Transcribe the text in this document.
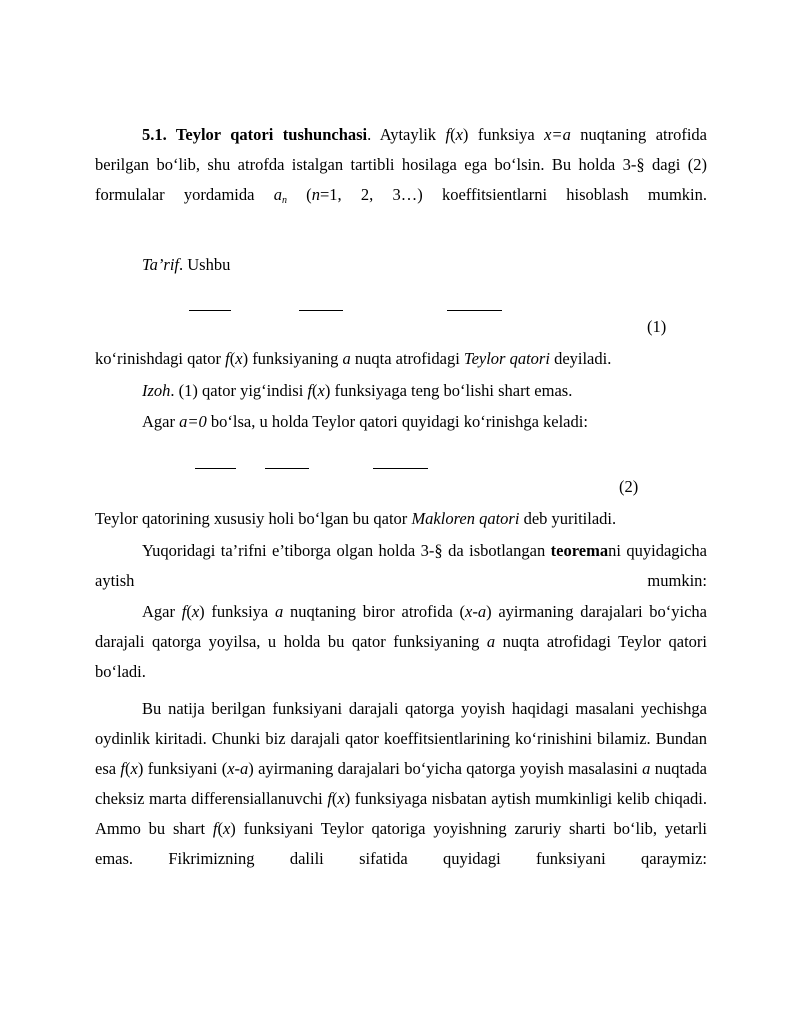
5.1. Teylor qatori tushunchasi. Aytaylik f(x) funksiya x=a nuqtaning atrofida berilgan bo‘lib, shu atrofda istalgan tartibli hosilaga ega bo‘lsin. Bu holda 3-§ dagi (2) formulalar yordamida $a_n$ (n=1, 2, 3…) koeffitsientlarni hisoblash mumkin.

Ta’rif. Ushbu
(1)
ko‘rinishdagi qator f(x) funksiyaning a nuqta atrofidagi Teylor qatori deyiladi.
Izoh. (1) qator yig‘indisi f(x) funksiyaga teng bo‘lishi shart emas.
Agar a=0 bo‘lsa, u holda Teylor qatori quyidagi ko‘rinishga keladi:
(2)
Teylor qatorining xususiy holi bo‘lgan bu qator Makloren qatori deb yuritiladi.

Yuqoridagi ta’rifni e’tiborga olgan holda 3-§ da isbotlangan teoremani quyidagicha aytish mumkin:

Agar f(x) funksiya a nuqtaning biror atrofida (x-a) ayirmaning darajalari bo‘yicha darajali qatorga yoyilsa, u holda bu qator funksiyaning a nuqta atrofidagi Teylor qatori bo‘ladi.

Bu natija berilgan funksiyani darajali qatorga yoyish haqidagi masalani yechishga oydinlik kiritadi. Chunki biz darajali qator koeffitsientlarining ko‘rinishini bilamiz. Bundan esa f(x) funksiyani (x-a) ayirmaning darajalari bo‘yicha qatorga yoyish masalasini a nuqtada cheksiz marta differensiallanuvchi f(x) funksiyaga nisbatan aytish mumkinligi kelib chiqadi. Ammo bu shart f(x) funksiyani Teylor qatoriga yoyishning zaruriy sharti bo‘lib, yetarli emas. Fikrimizning dalili sifatida quyidagi funksiyani qaraymiz:
